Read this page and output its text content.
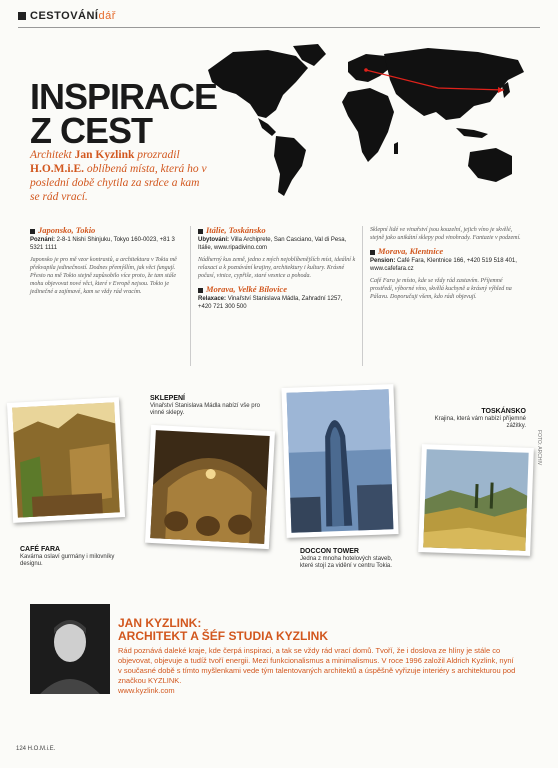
CESTOVÁNÍdář
INSPIRACE
Z CEST
Architekt Jan Kyzlink prozradil H.O.M.i.E. oblíbená místa, která ho v poslední době chytila za srdce a kam se rád vrací.
Japonsko, Tokio
Poznání: 2-8-1 Nishi Shinjuku, Tokyo 160-0023, +81 3 5321 1111
Japonsko je pro mě vzor kontrastů, a architektura v Tokiu mě překvapila jedinečností. Dodnes přemýšlím, jak věci fungují. Přesto na mě Tokio stejně zapůsobilo více proto, že tam stále mohu objevovat nové věci, které v Evropě nejsou. Tokio je jedinečné a zajímavé, kam se vždy rád vracím.
Itálie, Toskánsko
Ubytování: Villa Archiprete, San Casciano, Val di Pesa, Itálie, www.ripadivino.com
Nádherný kus země, jedno z mých nejoblíbenějších míst, ideální k relaxaci a k poznávání krajiny, architektury i kultury. Krásné počasí, vinice, cypřiše, staré vesnice a pohoda.
Morava, Velké Bílovice
Relaxace: Vinařství Stanislava Mádla, Zahradní 1257, +420 721 300 500
Sklepní lidé ve vinařství jsou kouzelní, jejich víno je skvělé, stejně jako unikátní sklepy pod vinohrady. Fantazie v podzemí.
Morava, Klentnice
Pension: Café Fara, Klentnice 166, +420 519 518 401, www.cafefara.cz
Café Fara je místo, kde se vždy rád zastavím. Příjemné prostředí, výborné víno, skvělá kuchyně a krásný výhled na Pálavu. Doporučuji všem, kdo rádi objevují.
CAFÉ FARA
Kavárna oslaví gurmány i milovníky designu.
SKLEPENÍ
Vinařství Stanislava Mádla nabízí vše pro vinné sklepy.
DOCCON TOWER
Jedna z mnoha hotelových staveb, které stojí za vidění v centru Tokia.
TOSKÁNSKO
Krajina, která vám nabízí příjemné zážitky.
JAN KYZLINK:
ARCHITEKT A ŠÉF STUDIA KYZLINK
Rád poznává daleké kraje, kde čerpá inspiraci, a tak se vždy rád vrací domů. Tvoří, že i doslova ze hlíny je stále co objevovat, objevuje a tudíž tvoří energii. Mezi funkcionalismus a minimalismus. V roce 1996 založil Aldrich Kyzlink, nyní v současné době s tímto myšlenkami vede tým talentovaných architektů a úspěšně vyřizuje interiéry s architekturou pod značkou KYZLINK.
www.kyzlink.com
FOTO: ARCHIV
124 H.O.M.i.E.
